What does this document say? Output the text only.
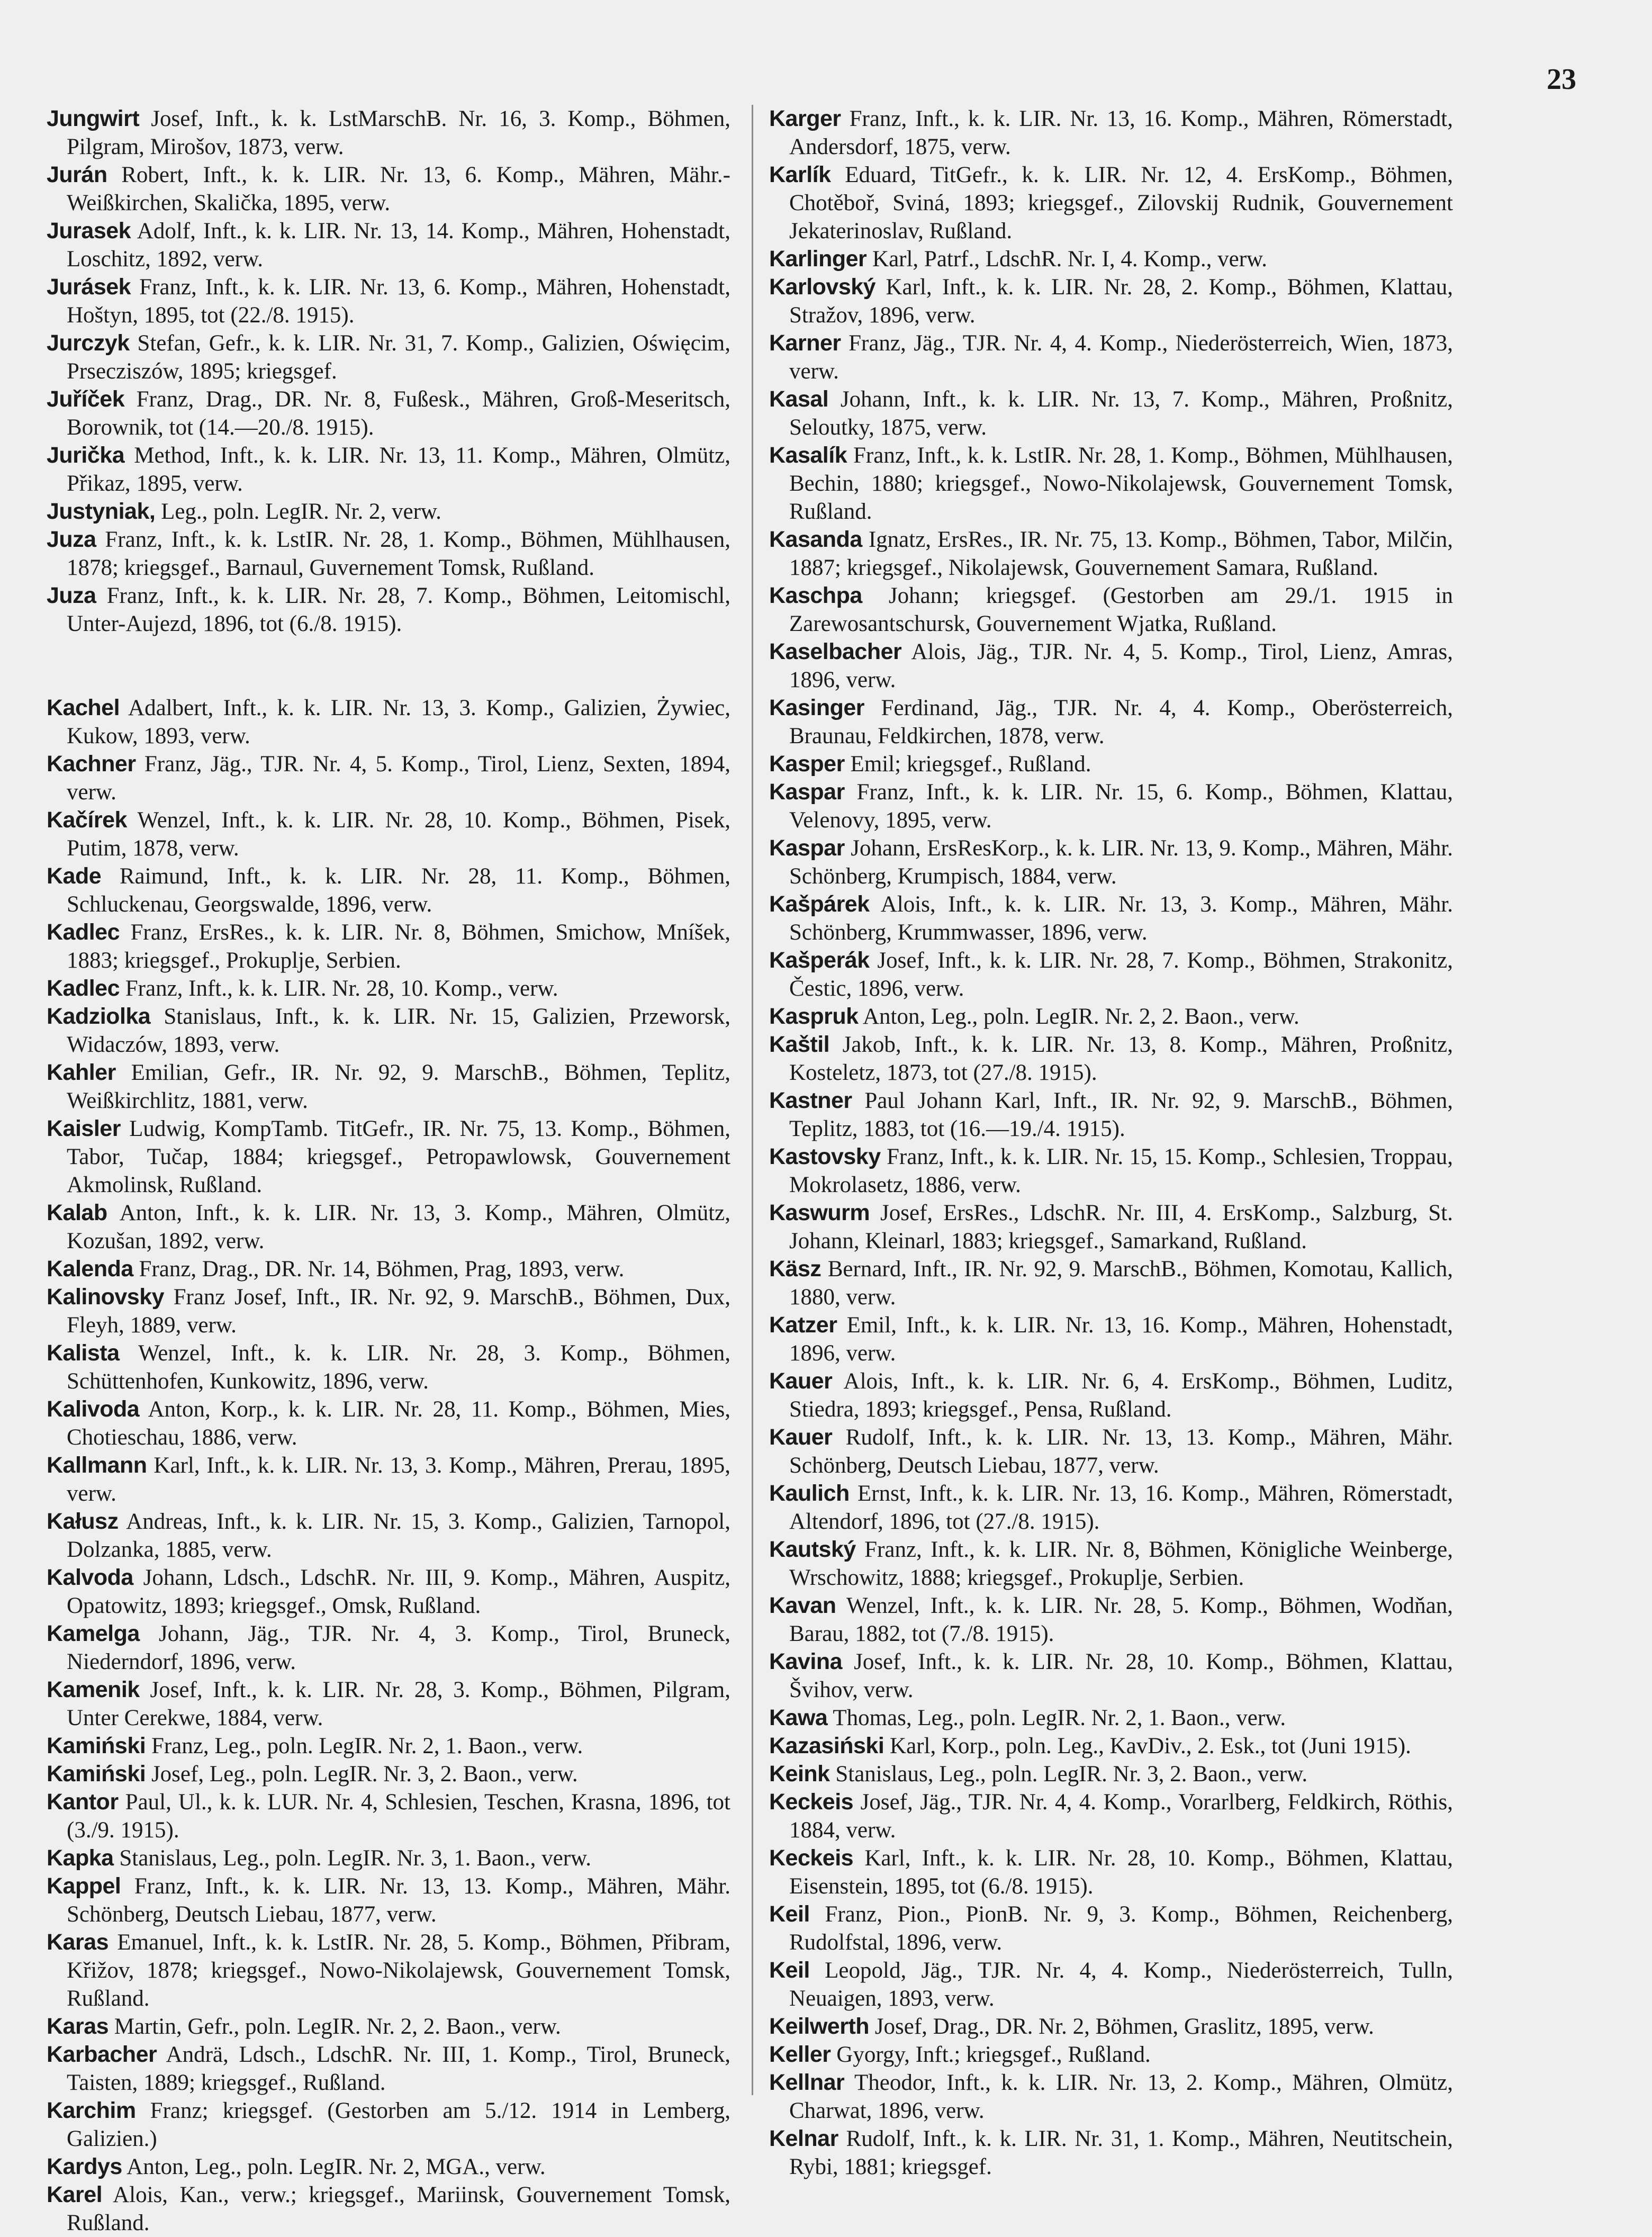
23
Jungwirt Josef, Inft., k. k. LstMarschB. Nr. 16, 3. Komp., Böhmen, Pilgram, Mirošov, 1873, verw.
Jurán Robert, Inft., k. k. LIR. Nr. 13, 6. Komp., Mähren, Mähr.-Weißkirchen, Skalička, 1895, verw.
Jurasek Adolf, Inft., k. k. LIR. Nr. 13, 14. Komp., Mähren, Hohenstadt, Loschitz, 1892, verw.
Jurásek Franz, Inft., k. k. LIR. Nr. 13, 6. Komp., Mähren, Hohenstadt, Hoštyn, 1895, tot (22./8. 1915).
Jurczyk Stefan, Gefr., k. k. LIR. Nr. 31, 7. Komp., Galizien, Oświęcim, Prseczіszów, 1895; kriegsgef.
Juříček Franz, Drag., DR. Nr. 8, Fußesk., Mähren, Groß-Meseritsch, Borownik, tot (14.—20./8. 1915).
Jurička Method, Inft., k. k. LIR. Nr. 13, 11. Komp., Mähren, Olmütz, Přikaz, 1895, verw.
Justyniak, Leg., poln. LegIR. Nr. 2, verw.
Juza Franz, Inft., k. k. LstIR. Nr. 28, 1. Komp., Böhmen, Mühlhausen, 1878; kriegsgef., Barnaul, Guvernement Tomsk, Rußland.
Juza Franz, Inft., k. k. LIR. Nr. 28, 7. Komp., Böhmen, Leitomischl, Unter-Aujezd, 1896, tot (6./8. 1915).
Kachel Adalbert, Inft., k. k. LIR. Nr. 13, 3. Komp., Galizien, Żywiec, Kukow, 1893, verw.
Kachner Franz, Jäg., TJR. Nr. 4, 5. Komp., Tirol, Lienz, Sexten, 1894, verw.
Kačírek Wenzel, Inft., k. k. LIR. Nr. 28, 10. Komp., Böhmen, Pisek, Putim, 1878, verw.
Kade Raimund, Inft., k. k. LIR. Nr. 28, 11. Komp., Böhmen, Schluckenau, Georgswalde, 1896, verw.
Kadlec Franz, ErsRes., k. k. LIR. Nr. 8, Böhmen, Smichow, Mníšek, 1883; kriegsgef., Prokuplje, Serbien.
Kadlec Franz, Inft., k. k. LIR. Nr. 28, 10. Komp., verw.
Kadziolka Stanislaus, Inft., k. k. LIR. Nr. 15, Galizien, Przeworsk, Widaczów, 1893, verw.
Kahler Emilian, Gefr., IR. Nr. 92, 9. MarschB., Böhmen, Teplitz, Weißkirchlitz, 1881, verw.
Kaisler Ludwig, KompTamb. TitGefr., IR. Nr. 75, 13. Komp., Böhmen, Tabor, Tučap, 1884; kriegsgef., Petropawlowsk, Gouvernement Akmolinsk, Rußland.
Kalab Anton, Inft., k. k. LIR. Nr. 13, 3. Komp., Mähren, Olmütz, Kozušan, 1892, verw.
Kalenda Franz, Drag., DR. Nr. 14, Böhmen, Prag, 1893, verw.
Kalinovsky Franz Josef, Inft., IR. Nr. 92, 9. MarschB., Böhmen, Dux, Fleyh, 1889, verw.
Kalista Wenzel, Inft., k. k. LIR. Nr. 28, 3. Komp., Böhmen, Schüttenhofen, Kunkowitz, 1896, verw.
Kalivoda Anton, Korp., k. k. LIR. Nr. 28, 11. Komp., Böhmen, Mies, Chotieschau, 1886, verw.
Kallmann Karl, Inft., k. k. LIR. Nr. 13, 3. Komp., Mähren, Prerau, 1895, verw.
Kałusz Andreas, Inft., k. k. LIR. Nr. 15, 3. Komp., Galizien, Tarnopol, Dolzanka, 1885, verw.
Kalvoda Johann, Ldsch., LdschR. Nr. III, 9. Komp., Mähren, Auspitz, Opatowitz, 1893; kriegsgef., Omsk, Rußland.
Kamelga Johann, Jäg., TJR. Nr. 4, 3. Komp., Tirol, Bruneck, Niederndorf, 1896, verw.
Kamenik Josef, Inft., k. k. LIR. Nr. 28, 3. Komp., Böhmen, Pilgram, Unter Cerekwe, 1884, verw.
Kamiński Franz, Leg., poln. LegIR. Nr. 2, 1. Baon., verw.
Kamiński Josef, Leg., poln. LegIR. Nr. 3, 2. Baon., verw.
Kantor Paul, Ul., k. k. LUR. Nr. 4, Schlesien, Teschen, Krasna, 1896, tot (3./9. 1915).
Kapka Stanislaus, Leg., poln. LegIR. Nr. 3, 1. Baon., verw.
Kappel Franz, Inft., k. k. LIR. Nr. 13, 13. Komp., Mähren, Mähr. Schönberg, Deutsch Liebau, 1877, verw.
Karas Emanuel, Inft., k. k. LstIR. Nr. 28, 5. Komp., Böhmen, Přibram, Křižov, 1878; kriegsgef., Nowo-Nikolajewsk, Gouvernement Tomsk, Rußland.
Karas Martin, Gefr., poln. LegIR. Nr. 2, 2. Baon., verw.
Karbacher Andrä, Ldsch., LdschR. Nr. III, 1. Komp., Tirol, Bruneck, Taisten, 1889; kriegsgef., Rußland.
Karchim Franz; kriegsgef. (Gestorben am 5./12. 1914 in Lemberg, Galizien.)
Kardys Anton, Leg., poln. LegIR. Nr. 2, MGA., verw.
Karel Alois, Kan., verw.; kriegsgef., Mariinsk, Gouvernement Tomsk, Rußland.
Karger Franz, Inft., k. k. LIR. Nr. 13, 16. Komp., Mähren, Römerstadt, Andersdorf, 1875, verw.
Karlík Eduard, TitGefr., k. k. LIR. Nr. 12, 4. ErsKomp., Böhmen, Chotěboř, Sviná, 1893; kriegsgef., Zilovskij Rudnik, Gouvernement Jekaterinoslav, Rußland.
Karlinger Karl, Patrf., LdschR. Nr. I, 4. Komp., verw.
Karlovský Karl, Inft., k. k. LIR. Nr. 28, 2. Komp., Böhmen, Klattau, Stražov, 1896, verw.
Karner Franz, Jäg., TJR. Nr. 4, 4. Komp., Niederösterreich, Wien, 1873, verw.
Kasal Johann, Inft., k. k. LIR. Nr. 13, 7. Komp., Mähren, Proßnitz, Seloutky, 1875, verw.
Kasalík Franz, Inft., k. k. LstIR. Nr. 28, 1. Komp., Böhmen, Mühlhausen, Bechin, 1880; kriegsgef., Nowo-Nikolajewsk, Gouvernement Tomsk, Rußland.
Kasanda Ignatz, ErsRes., IR. Nr. 75, 13. Komp., Böhmen, Tabor, Milčin, 1887; kriegsgef., Nikolajewsk, Gouvernement Samara, Rußland.
Kaschpa Johann; kriegsgef. (Gestorben am 29./1. 1915 in Zarewosantschursk, Gouvernement Wjatka, Rußland.
Kaselbacher Alois, Jäg., TJR. Nr. 4, 5. Komp., Tirol, Lienz, Amras, 1896, verw.
Kasinger Ferdinand, Jäg., TJR. Nr. 4, 4. Komp., Oberösterreich, Braunau, Feldkirchen, 1878, verw.
Kasper Emil; kriegsgef., Rußland.
Kaspar Franz, Inft., k. k. LIR. Nr. 15, 6. Komp., Böhmen, Klattau, Velenovy, 1895, verw.
Kaspar Johann, ErsResKorp., k. k. LIR. Nr. 13, 9. Komp., Mähren, Mähr. Schönberg, Krumpisch, 1884, verw.
Kašpárek Alois, Inft., k. k. LIR. Nr. 13, 3. Komp., Mähren, Mähr. Schönberg, Krummwasser, 1896, verw.
Kašperák Josef, Inft., k. k. LIR. Nr. 28, 7. Komp., Böhmen, Strakonitz, Čestic, 1896, verw.
Kaspruk Anton, Leg., poln. LegIR. Nr. 2, 2. Baon., verw.
Kaštil Jakob, Inft., k. k. LIR. Nr. 13, 8. Komp., Mähren, Proßnitz, Kosteletz, 1873, tot (27./8. 1915).
Kastner Paul Johann Karl, Inft., IR. Nr. 92, 9. MarschB., Böhmen, Teplitz, 1883, tot (16.—19./4. 1915).
Kastovsky Franz, Inft., k. k. LIR. Nr. 15, 15. Komp., Schlesien, Troppau, Mokrolasetz, 1886, verw.
Kaswurm Josef, ErsRes., LdschR. Nr. III, 4. ErsKomp., Salzburg, St. Johann, Kleinarl, 1883; kriegsgef., Samarkand, Rußland.
Käsz Bernard, Inft., IR. Nr. 92, 9. MarschB., Böhmen, Komotau, Kallich, 1880, verw.
Katzer Emil, Inft., k. k. LIR. Nr. 13, 16. Komp., Mähren, Hohenstadt, 1896, verw.
Kauer Alois, Inft., k. k. LIR. Nr. 6, 4. ErsKomp., Böhmen, Luditz, Stiedra, 1893; kriegsgef., Pensa, Rußland.
Kauer Rudolf, Inft., k. k. LIR. Nr. 13, 13. Komp., Mähren, Mähr. Schönberg, Deutsch Liebau, 1877, verw.
Kaulich Ernst, Inft., k. k. LIR. Nr. 13, 16. Komp., Mähren, Römerstadt, Altendorf, 1896, tot (27./8. 1915).
Kautský Franz, Inft., k. k. LIR. Nr. 8, Böhmen, Königliche Weinberge, Wrschowitz, 1888; kriegsgef., Prokuplje, Serbien.
Kavan Wenzel, Inft., k. k. LIR. Nr. 28, 5. Komp., Böhmen, Wodňan, Barau, 1882, tot (7./8. 1915).
Kavina Josef, Inft., k. k. LIR. Nr. 28, 10. Komp., Böhmen, Klattau, Švihov, verw.
Kawa Thomas, Leg., poln. LegIR. Nr. 2, 1. Baon., verw.
Kazasiński Karl, Korp., poln. Leg., KavDiv., 2. Esk., tot (Juni 1915).
Keink Stanislaus, Leg., poln. LegIR. Nr. 3, 2. Baon., verw.
Keckeis Josef, Jäg., TJR. Nr. 4, 4. Komp., Vorarlberg, Feldkirch, Röthis, 1884, verw.
Keckeis Karl, Inft., k. k. LIR. Nr. 28, 10. Komp., Böhmen, Klattau, Eisenstein, 1895, tot (6./8. 1915).
Keil Franz, Pion., PionB. Nr. 9, 3. Komp., Böhmen, Reichenberg, Rudolfstal, 1896, verw.
Keil Leopold, Jäg., TJR. Nr. 4, 4. Komp., Niederösterreich, Tulln, Neuaigen, 1893, verw.
Keilwerth Josef, Drag., DR. Nr. 2, Böhmen, Graslitz, 1895, verw.
Keller Gyorgy, Inft.; kriegsgef., Rußland.
Kellnar Theodor, Inft., k. k. LIR. Nr. 13, 2. Komp., Mähren, Olmütz, Charwat, 1896, verw.
Kelnar Rudolf, Inft., k. k. LIR. Nr. 31, 1. Komp., Mähren, Neutitschein, Rybi, 1881; kriegsgef.
